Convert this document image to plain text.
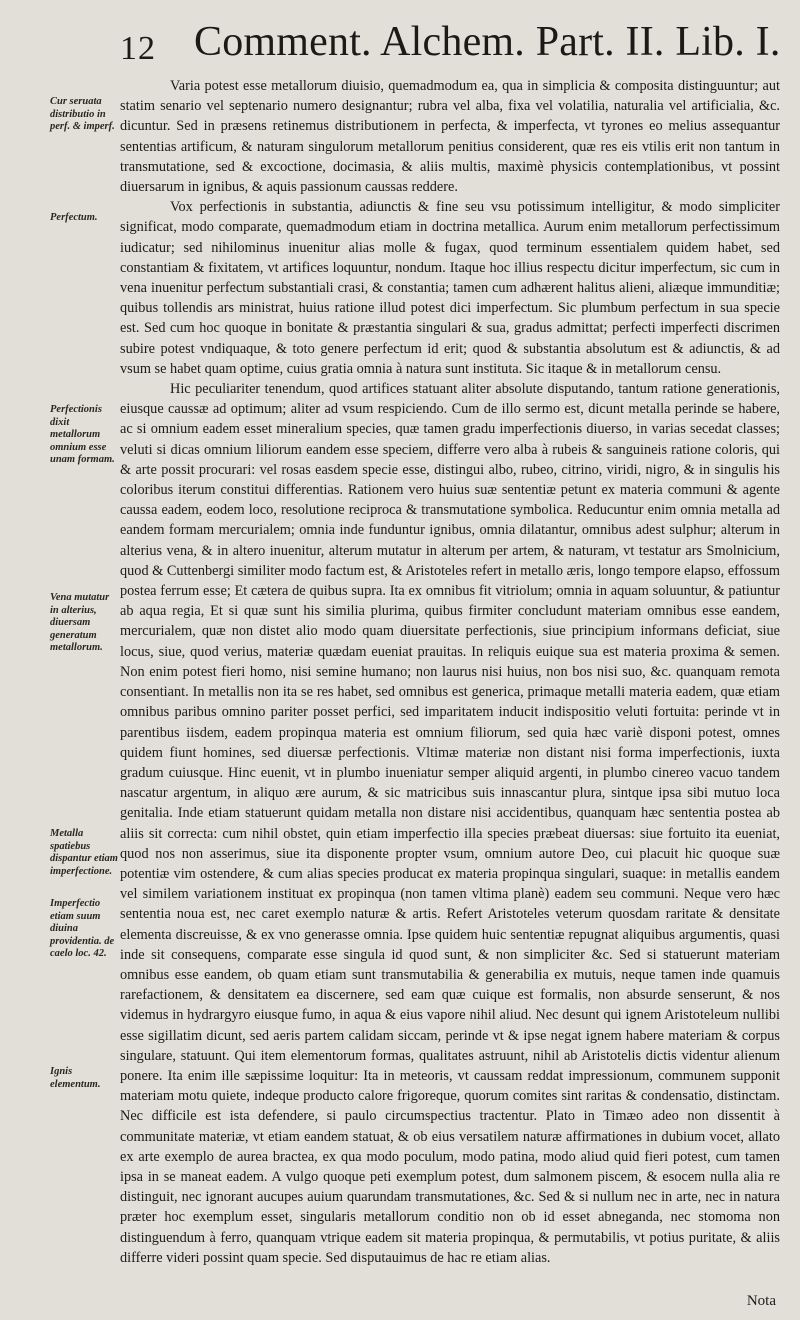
12 Comment. Alchem. Part. II. Lib. I.
Cur seruata distributio in perf. & imperf.
Perfectum.
Perfectionis dixit metallorum omnium esse unam formam.
Vena mutatur in alterius, diuersam generatum metallorum.
Metalla spatiebus dispantur etiam imperfectione.
Imperfectio etiam suum diuina providentia. de caelo loc. 42.
Ignis elementum.

Varia potest esse metallorum diuisio, quemadmodum ea, qua in simplicia & composita distinguuntur; aut statim senario vel septenario numero designantur; rubra vel alba, fixa vel volatilia, naturalia vel artificialia, &c. dicuntur. Sed in præsens retinemus distributionem in perfecta, & imperfecta, vt tyrones eo melius assequantur sententias artificum, & naturam singulorum metallorum penitius considerent, quæ res eis vtilis erit non tantum in transmutatione, sed & excoctione, docimasia, & aliis multis, maximè physicis contemplationibus, vt possint diuersarum in ignibus, & aquis passionum caussas reddere.

Vox perfectionis in substantia, adiunctis & fine seu vsu potissimum intelligitur, & modo simpliciter significat, modo comparate, quemadmodum etiam in doctrina metallica. Aurum enim metallorum perfectissimum iudicatur; sed nihilominus inuenitur alias molle & fugax, quod terminum essentialem quidem habet, sed constantiam & fixitatem, vt artifices loquuntur, nondum. Itaque hoc illius respectu dicitur imperfectum, sic cum in vena inuenitur perfectum substantiali crasi, & constantia; tamen cum adhærent halitus alieni, aliæque immunditiæ; quibus tollendis ars ministrat, huius ratione illud potest dici imperfectum. Sic plumbum perfectum in sua specie est. Sed cum hoc quoque in bonitate & præstantia singulari & sua, gradus admittat; perfecti imperfecti discrimen subire potest vndiquaque, & toto genere perfectum id erit; quod & substantia absolutum est & adiunctis, & ad vsum se habet quam optime, cuius gratia omnia à natura sunt instituta. Sic itaque & in metallorum censu.

Hic peculiariter tenendum, quod artifices statuant aliter absolute disputando, tantum ratione generationis, eiusque caussæ ad optimum; aliter ad vsum respiciendo. Cum de illo sermo est, dicunt metalla perinde se habere, ac si omnium eadem esset mineralium species, quæ tamen gradu imperfectionis diuerso, in varias secedat classes; veluti si dicas omnium liliorum eandem esse speciem, differre vero alba à rubeis & sanguineis ratione coloris, qui & arte possit procurari: vel rosas easdem specie esse, distingui albo, rubeo, citrino, viridi, nigro, & in singulis his coloribus iterum constitui differentias. Rationem vero huius suæ sententiæ petunt ex materia communi & agente caussa eadem, eodem loco, resolutione reciproca & transmutatione symbolica. Reducuntur enim omnia metalla ad eandem formam mercurialem; omnia inde funduntur ignibus, omnia dilatantur, omnibus adest sulphur; alterum in alterius vena, & in altero inuenitur, alterum mutatur in alterum per artem, & naturam, vt testatur ars Smolnicium, quod & Cuttenbergi similiter modo factum est, & Aristoteles refert in metallo æris, longo tempore elapso, effossum postea ferrum esse; Et cætera de quibus supra. Ita ex omnibus fit vitriolum; omnia in aquam soluuntur, & patiuntur ab aqua regia, Et si quæ sunt his similia plurima, quibus firmiter concludunt materiam omnibus esse eandem, mercurialem, quæ non distet alio modo quam diuersitate perfectionis, siue principium informans deficiat, siue locus, siue, quod verius, materiæ quædam eueniat prauitas. In reliquis euique sua est materia proxima & semen. Non enim potest fieri homo, nisi semine humano; non laurus nisi huius, non bos nisi suo, &c. quanquam remota consentiant. In metallis non ita se res habet, sed omnibus est generica, primaque metalli materia eadem, quæ etiam omnibus paribus omnino pariter posset perfici, sed imparitatem inducit indispositio veluti fortuita: perinde vt in parentibus iisdem, eadem propinqua materia est omnium filiorum, sed quia hæc variè disponi potest, omnes quidem fiunt homines, sed diuersæ perfectionis. Vltimæ materiæ non distant nisi forma imperfectionis, iuxta gradum cuiusque. Hinc euenit, vt in plumbo inueniatur semper aliquid argenti, in plumbo cinereo vacuo tandem nascatur argentum, in aliquo ære aurum, & sic matricibus suis innascantur plura, sintque ipsa sibi mutuo loca genitalia. Inde etiam statuerunt quidam metalla non distare nisi accidentibus, quanquam hæc sententia postea ab aliis sit correcta: cum nihil obstet, quin etiam imperfectio illa species præbeat diuersas: siue fortuito ita eueniat, quod nos non asserimus, siue ita disponente propter vsum, omnium autore Deo, cui placuit hic quoque suæ potentiæ vim ostendere, & cum alias species producat ex materia propinqua singulari, suaque: in metallis eandem vel similem variationem instituat ex propinqua (non tamen vltima planè) eadem seu communi. Neque vero hæc sententia noua est, nec caret exemplo naturæ & artis. Refert Aristoteles veterum quosdam raritate & densitate elementa discreuisse, & ex vno generasse omnia. Ipse quidem huic sententiæ repugnat aliquibus argumentis, quasi inde sit consequens, comparate esse singula id quod sunt, & non simpliciter &c. Sed si statuerunt materiam omnibus esse eandem, ob quam etiam sunt transmutabilia & generabilia ex mutuis, neque tamen inde quamuis rarefactionem, & densitatem ea discernere, sed eam quæ cuique est formalis, non absurde senserunt, & nos videmus in hydrargyro eiusque fumo, in aqua & eius vapore nihil aliud. Nec desunt qui ignem Aristoteleum nullibi esse sigillatim dicunt, sed aeris partem calidam siccam, perinde vt & ipse negat ignem habere materiam & corpus singulare, statuunt. Qui item elementorum formas, qualitates astruunt, nihil ab Aristotelis dictis videntur alienum ponere. Ita enim ille sæpissime loquitur: Ita in meteoris, vt caussam reddat impressionum, communem supponit materiam motu quiete, indeque producto calore frigoreque, quorum comites sint raritas & condensatio, distinctam. Nec difficile est ista defendere, si paulo circumspectius tractentur. Plato in Timæo adeo non dissentit à communitate materiæ, vt etiam eandem statuat, & ob eius versatilem naturæ affirmationes in dubium vocet, allato ex arte exemplo de aurea bractea, ex qua modo poculum, modo patina, modo aliud quid fieri potest, cum tamen ipsa in se maneat eadem. A vulgo quoque peti exemplum potest, dum salmonem piscem, & esocem nulla alia re distinguit, nec ignorant aucupes auium quarundam transmutationes, &c. Sed & si nullum nec in arte, nec in natura præter hoc exemplum esset, singularis metallorum conditio non ob id esset abneganda, nec stomoma non distinguendum à ferro, quanquam vtrique eadem sit materia propinqua, & permutabilis, vt potius puritate, & aliis differre videri possint quam specie. Sed disputauimus de hac re etiam alias.

Nota
